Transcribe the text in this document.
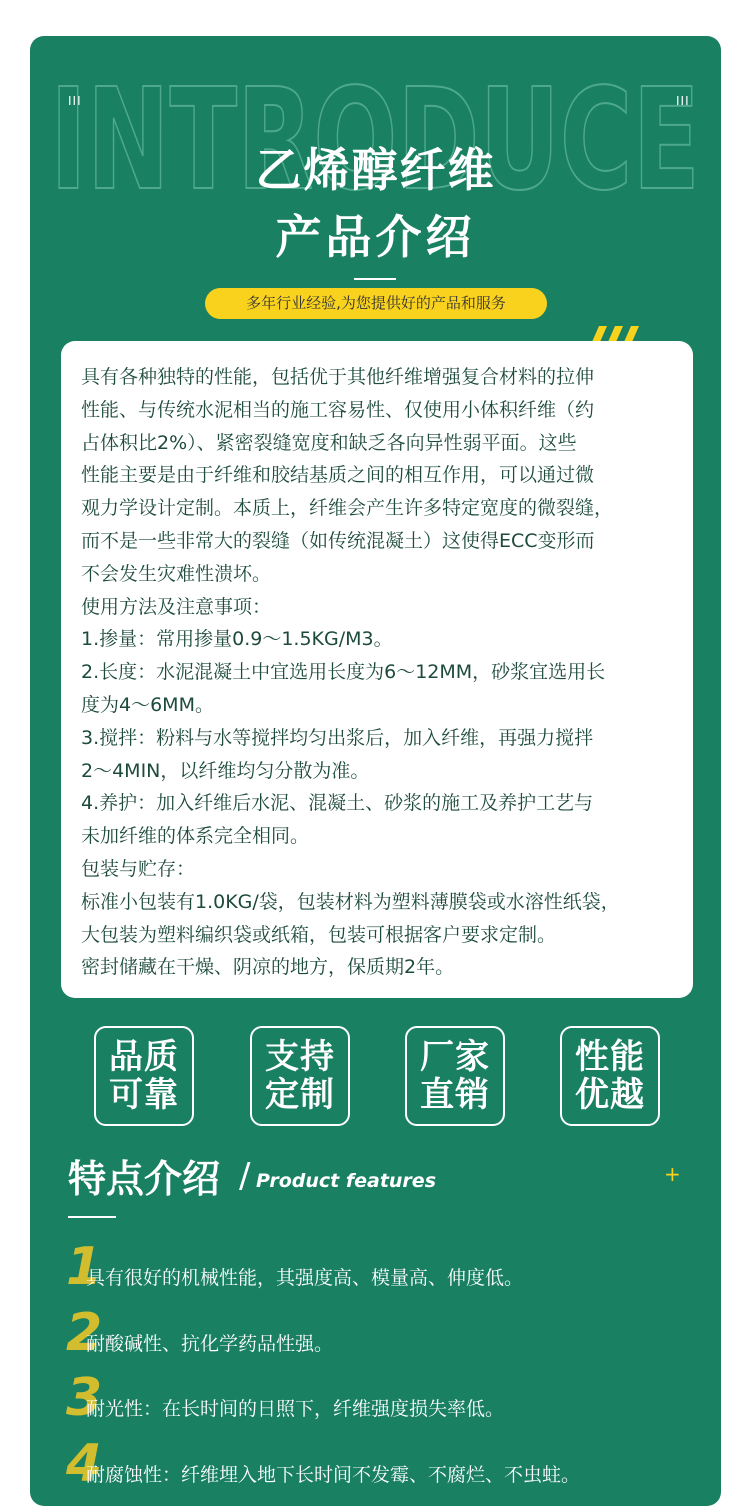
INTRODUCE
III	III
乙烯醇纤维
产品介绍
多年行业经验,为您提供好的产品和服务

具有各种独特的性能，包括优于其他纤维增强复合材料的拉伸

性能、与传统水泥相当的施工容易性、仅使用小体积纤维（约

占体积比2%）、紧密裂缝宽度和缺乏各向异性弱平面。这些

性能主要是由于纤维和胶结基质之间的相互作用，可以通过微

观力学设计定制。本质上，纤维会产生许多特定宽度的微裂缝，

而不是一些非常大的裂缝（如传统混凝土）这使得ECC变形而

不会发生灾难性溃坏。

使用方法及注意事项：

1.掺量：常用掺量0.9～1.5KG/M3。

2.长度：水泥混凝土中宜选用长度为6～12MM，砂浆宜选用长

度为4～6MM。

3.搅拌：粉料与水等搅拌均匀出浆后，加入纤维，再强力搅拌

2～4MIN，以纤维均匀分散为准。

4.养护：加入纤维后水泥、混凝土、砂浆的施工及养护工艺与

未加纤维的体系完全相同。

包装与贮存：

标准小包装有1.0KG/袋，包装材料为塑料薄膜袋或水溶性纸袋，

大包装为塑料编织袋或纸箱，包装可根据客户要求定制。

密封储藏在干燥、阴凉的地方，保质期2年。

品质
可靠
支持
定制
厂家
直销
性能
优越
特点介绍 / Product features	+
1
具有很好的机械性能，其强度高、模量高、伸度低。
2
耐酸碱性、抗化学药品性强。
3
耐光性：在长时间的日照下，纤维强度损失率低。
4
耐腐蚀性：纤维埋入地下长时间不发霉、不腐烂、不虫蛀。
